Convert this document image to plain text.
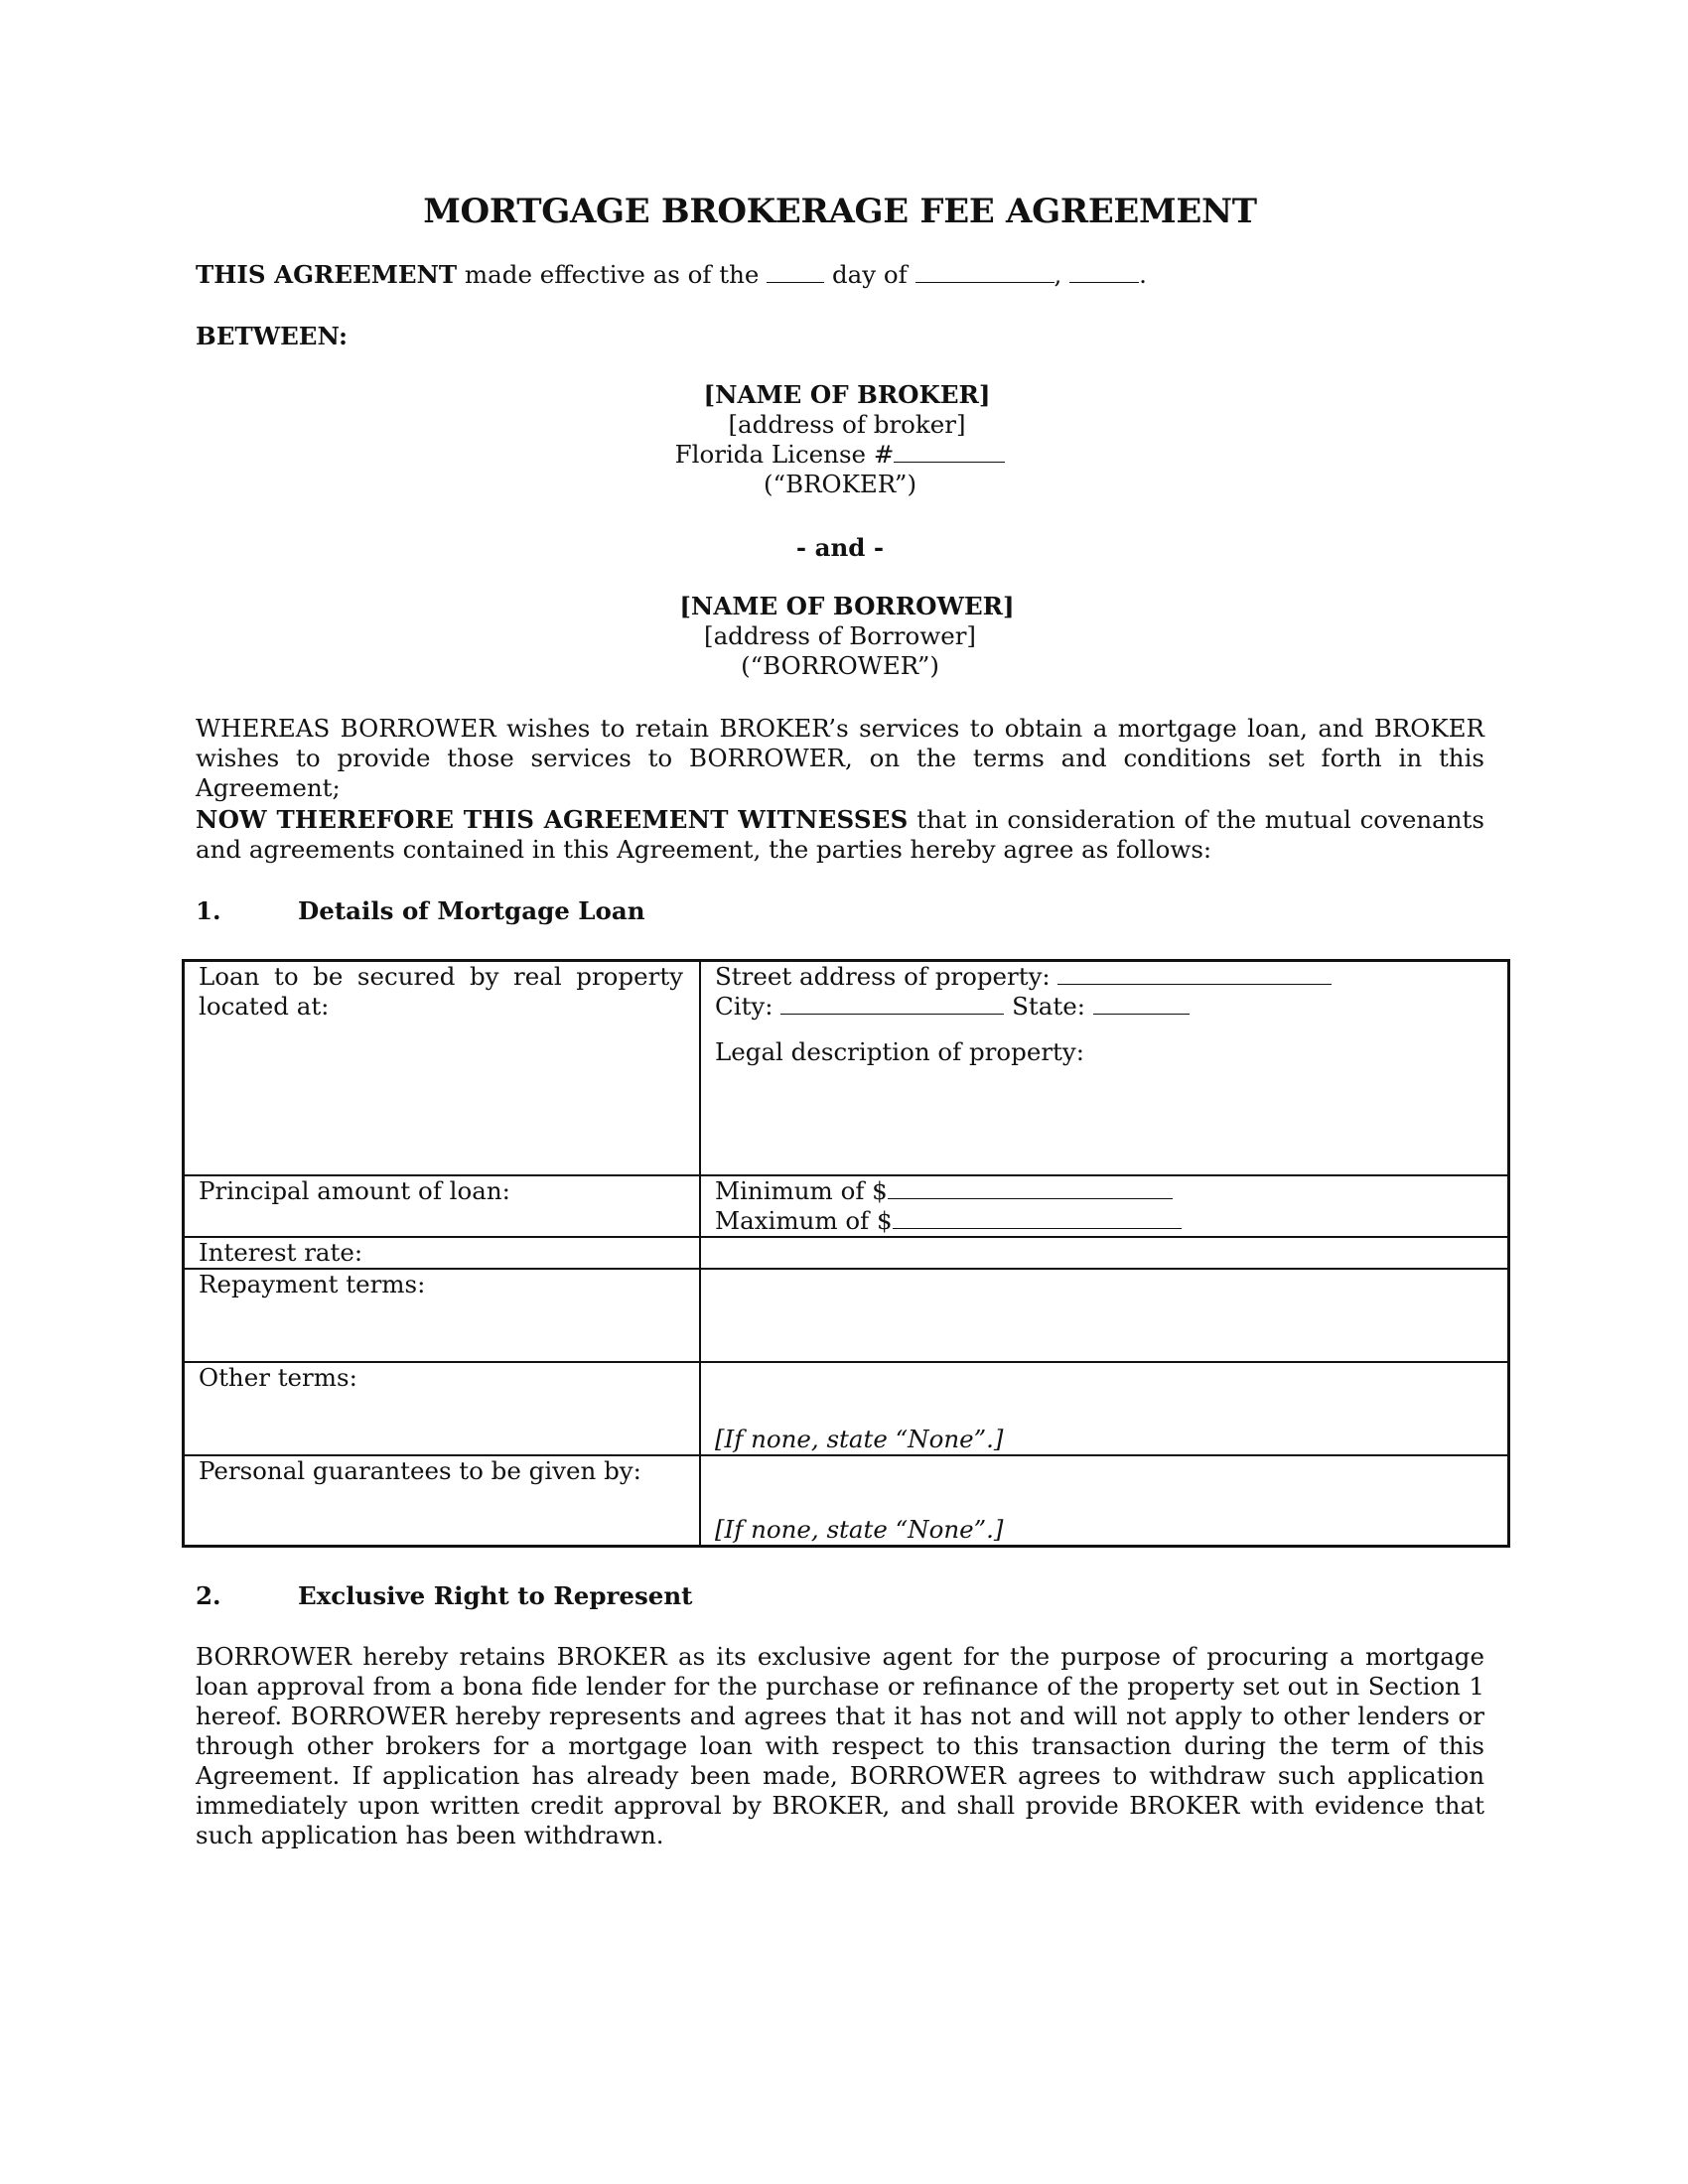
MORTGAGE BROKERAGE FEE AGREEMENT
THIS AGREEMENT made effective as of the	day of	,	.
BETWEEN:
[NAME OF BROKER]
[address of broker]
Florida License #
(“BROKER”)
- and -
[NAME OF BORROWER]
[address of Borrower]
(“BORROWER”)
WHEREAS BORROWER wishes to retain BROKER’s services to obtain a mortgage loan, and BROKER wishes to provide those services to BORROWER, on the terms and conditions set forth in this Agreement;
NOW THEREFORE THIS AGREEMENT WITNESSES that in consideration of the mutual covenants and agreements contained in this Agreement, the parties hereby agree as follows:
1.	Details of Mortgage Loan
Loan to be secured by real property located at:	Street address of property:
City: State:
Legal description of property:

Principal amount of loan:	Minimum of $
Maximum of $

Interest rate:	
Repayment terms:	
Other terms:	[If none, state “None”.]
Personal guarantees to be given by:	[If none, state “None”.]
2.	Exclusive Right to Represent
BORROWER hereby retains BROKER as its exclusive agent for the purpose of procuring a mortgage loan approval from a bona fide lender for the purchase or refinance of the property set out in Section 1 hereof. BORROWER hereby represents and agrees that it has not and will not apply to other lenders or through other brokers for a mortgage loan with respect to this transaction during the term of this Agreement. If application has already been made, BORROWER agrees to withdraw such application immediately upon written credit approval by BROKER, and shall provide BROKER with evidence that such application has been withdrawn.
